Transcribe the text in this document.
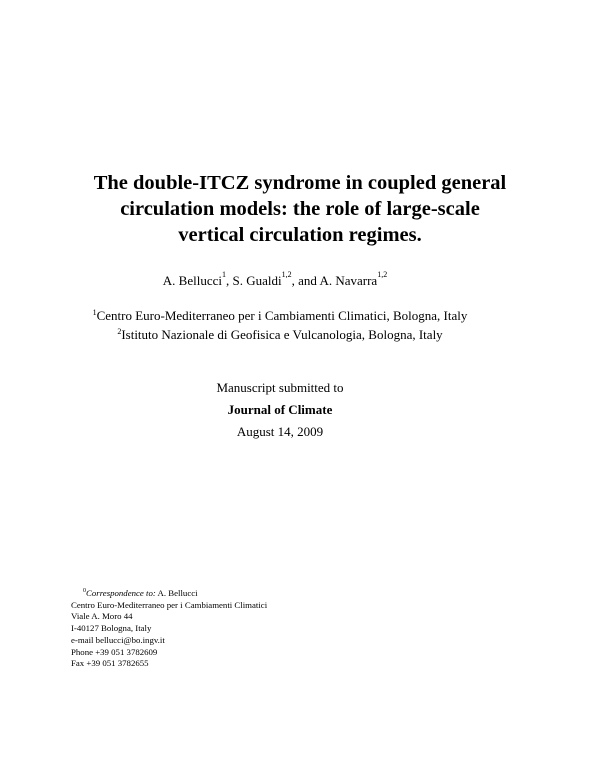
The double-ITCZ syndrome in coupled general
circulation models: the role of large-scale
vertical circulation regimes.
A. Bellucci$^1$, S. Gualdi$^{1,2}$, and A. Navarra$^{1,2}$
$^1$Centro Euro-Mediterraneo per i Cambiamenti Climatici, Bologna, Italy
$^2$Istituto Nazionale di Geofisica e Vulcanologia, Bologna, Italy
Manuscript submitted to
Journal of Climate
August 14, 2009
$^0$Correspondence to: A. Bellucci
Centro Euro-Mediterraneo per i Cambiamenti Climatici
Viale A. Moro 44
I-40127 Bologna, Italy
e-mail bellucci@bo.ingv.it
Phone +39 051 3782609
Fax +39 051 3782655
